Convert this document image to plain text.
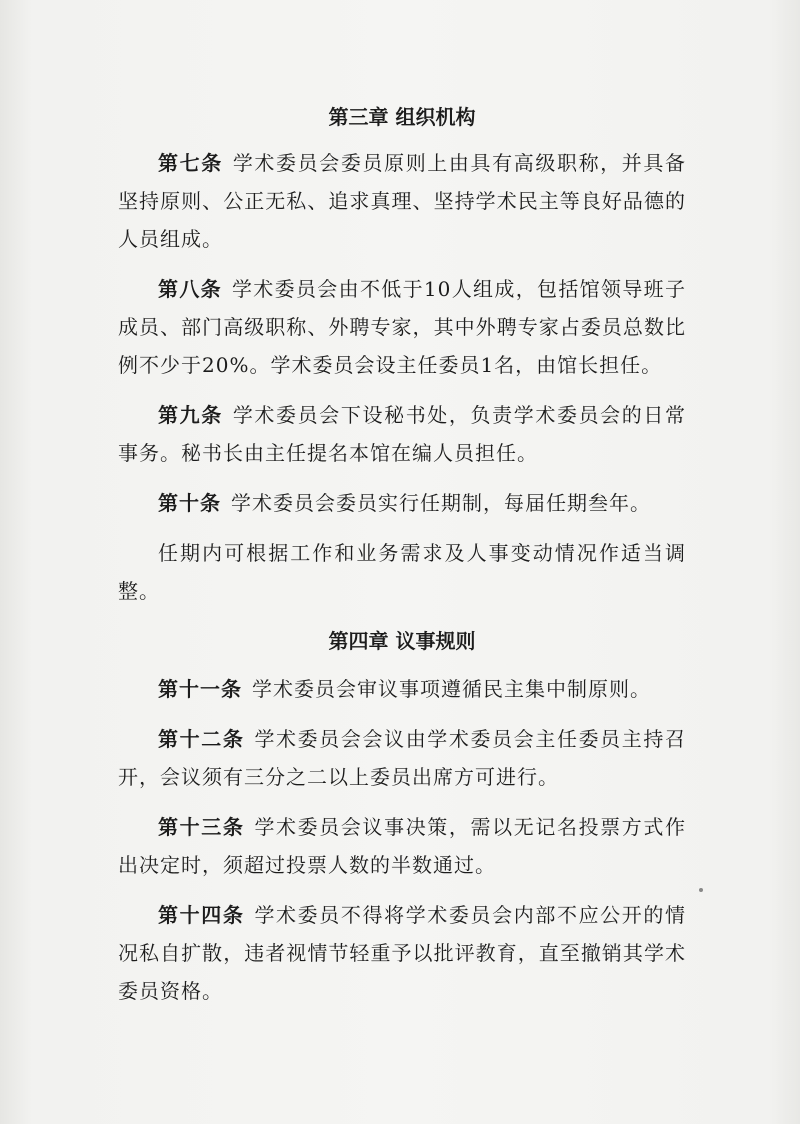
第三章 组织机构

第七条 学术委员会委员原则上由具有高级职称，并具备坚持原则、公正无私、追求真理、坚持学术民主等良好品德的人员组成。

第八条 学术委员会由不低于10人组成，包括馆领导班子成员、部门高级职称、外聘专家，其中外聘专家占委员总数比例不少于20%。学术委员会设主任委员1名，由馆长担任。

第九条 学术委员会下设秘书处，负责学术委员会的日常事务。秘书长由主任提名本馆在编人员担任。

第十条 学术委员会委员实行任期制，每届任期叁年。

任期内可根据工作和业务需求及人事变动情况作适当调整。

第四章 议事规则

第十一条 学术委员会审议事项遵循民主集中制原则。

第十二条 学术委员会会议由学术委员会主任委员主持召开，会议须有三分之二以上委员出席方可进行。

第十三条 学术委员会议事决策，需以无记名投票方式作出决定时，须超过投票人数的半数通过。

第十四条 学术委员不得将学术委员会内部不应公开的情况私自扩散，违者视情节轻重予以批评教育，直至撤销其学术委员资格。
